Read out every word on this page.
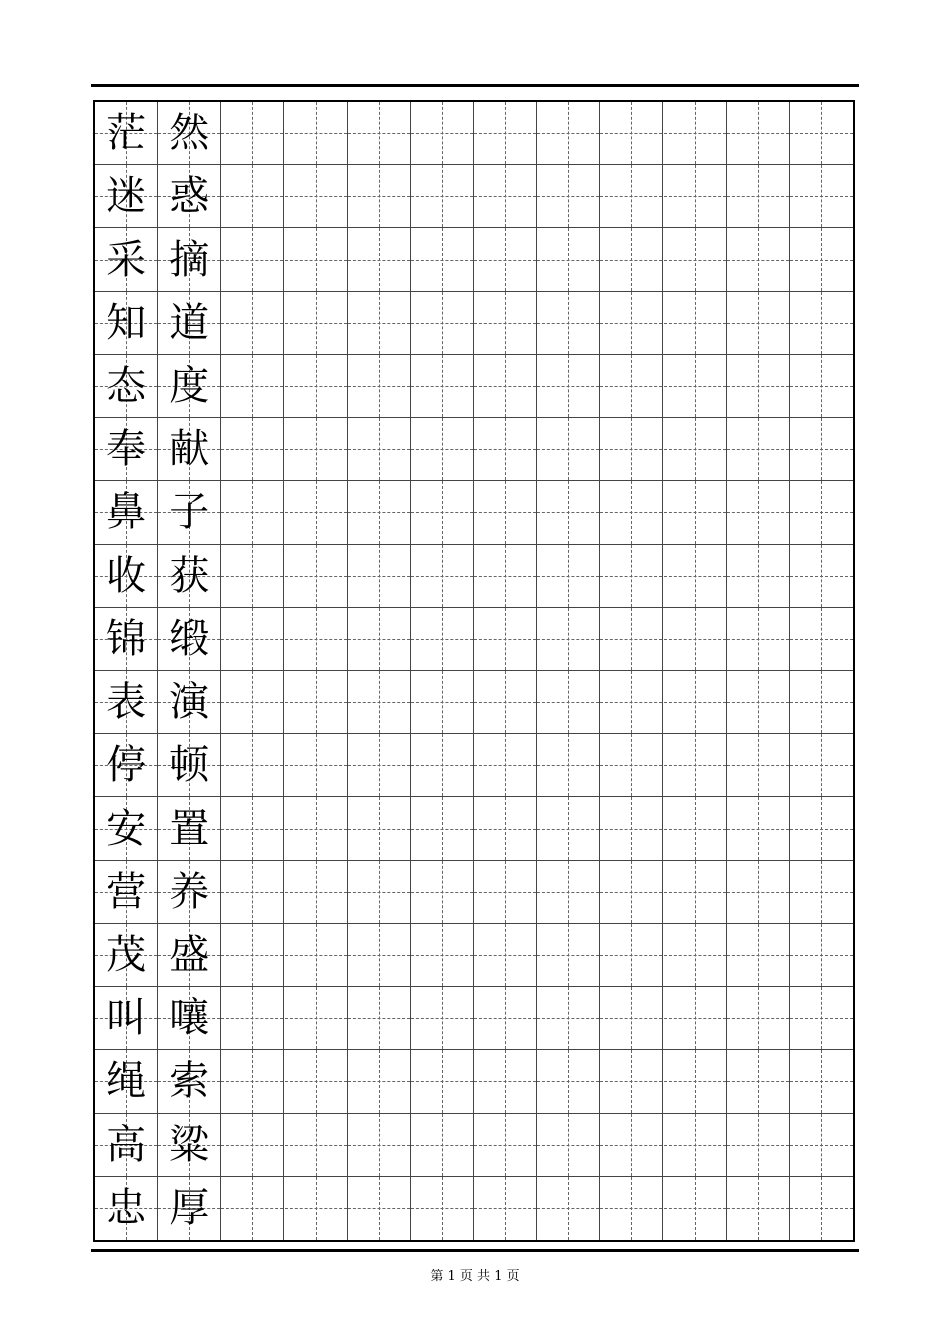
茫 然
迷 惑
采 摘
知 道
态 度
奉 献
鼻 子
收 获
锦 缎
表 演
停 顿
安 置
营 养
茂 盛
叫 嚷
绳 索
高 粱
忠 厚
第 1 页 共 1 页
